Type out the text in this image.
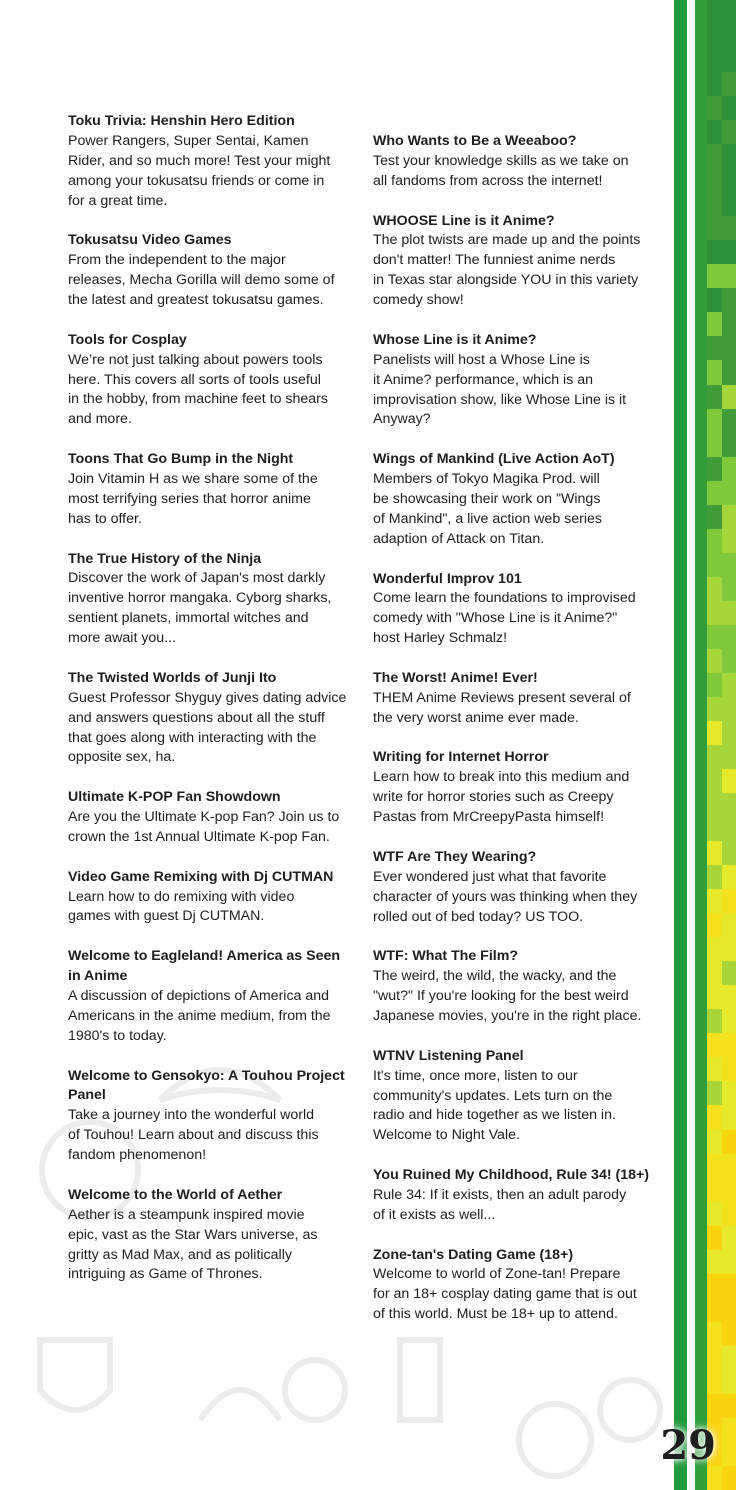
Toku Trivia: Henshin Hero Edition

Power Rangers, Super Sentai, Kamen
Rider, and so much more! Test your might
among your tokusatsu friends or come in
for a great time.

Tokusatsu Video Games

From the independent to the major
releases, Mecha Gorilla will demo some of
the latest and greatest tokusatsu games.

Tools for Cosplay

We’re not just talking about powers tools
here. This covers all sorts of tools useful
in the hobby, from machine feet to shears
and more.

Toons That Go Bump in the Night

Join Vitamin H as we share some of the
most terrifying series that horror anime
has to offer.

The True History of the Ninja

Discover the work of Japan's most darkly
inventive horror mangaka. Cyborg sharks,
sentient planets, immortal witches and
more await you...

The Twisted Worlds of Junji Ito

Guest Professor Shyguy gives dating advice
and answers questions about all the stuff
that goes along with interacting with the
opposite sex, ha.

Ultimate K-POP Fan Showdown

Are you the Ultimate K-pop Fan? Join us to
crown the 1st Annual Ultimate K-pop Fan.

Video Game Remixing with Dj CUTMAN

Learn how to do remixing with video
games with guest Dj CUTMAN.

Welcome to Eagleland! America as Seen
in Anime

A discussion of depictions of America and
Americans in the anime medium, from the
1980's to today.

Welcome to Gensokyo: A Touhou Project
Panel

Take a journey into the wonderful world
of Touhou! Learn about and discuss this
fandom phenomenon!

Welcome to the World of Aether

Aether is a steampunk inspired movie
epic, vast as the Star Wars universe, as
gritty as Mad Max, and as politically
intriguing as Game of Thrones.

Who Wants to Be a Weeaboo?

Test your knowledge skills as we take on
all fandoms from across the internet!

WHOOSE Line is it Anime?

The plot twists are made up and the points
don't matter! The funniest anime nerds
in Texas star alongside YOU in this variety
comedy show!

Whose Line is it Anime?

Panelists will host a Whose Line is
it Anime? performance, which is an
improvisation show, like Whose Line is it
Anyway?

Wings of Mankind (Live Action AoT)

Members of Tokyo Magika Prod. will
be showcasing their work on "Wings
of Mankind", a live action web series
adaption of Attack on Titan.

Wonderful Improv 101

Come learn the foundations to improvised
comedy with "Whose Line is it Anime?"
host Harley Schmalz!

The Worst! Anime! Ever!

THEM Anime Reviews present several of
the very worst anime ever made.

Writing for Internet Horror

Learn how to break into this medium and
write for horror stories such as Creepy
Pastas from MrCreepyPasta himself!

WTF Are They Wearing?

Ever wondered just what that favorite
character of yours was thinking when they
rolled out of bed today? US TOO.

WTF: What The Film?

The weird, the wild, the wacky, and the
"wut?" If you're looking for the best weird
Japanese movies, you're in the right place.

WTNV Listening Panel

It's time, once more, listen to our
community's updates. Lets turn on the
radio and hide together as we listen in.
Welcome to Night Vale.

You Ruined My Childhood, Rule 34! (18+)

Rule 34: If it exists, then an adult parody
of it exists as well...

Zone-tan's Dating Game (18+)

Welcome to world of Zone-tan! Prepare
for an 18+ cosplay dating game that is out
of this world. Must be 18+ up to attend.

29
